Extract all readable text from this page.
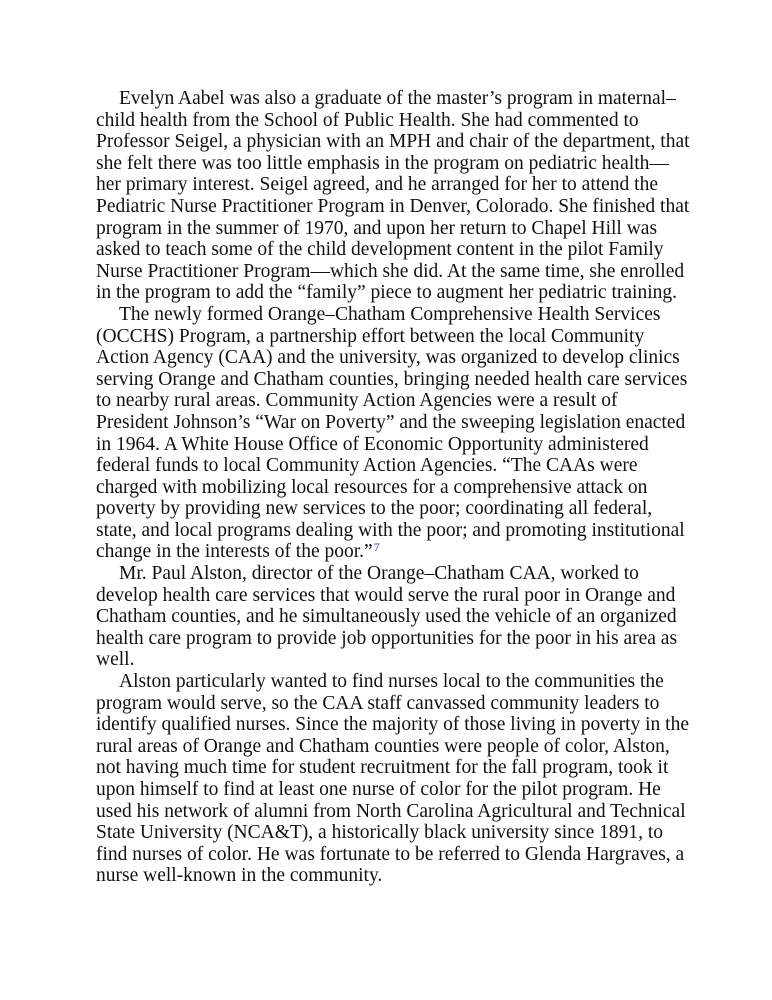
Evelyn Aabel was also a graduate of the master’s program in maternal–
child health from the School of Public Health. She had commented to
Professor Seigel, a physician with an MPH and chair of the department, that
she felt there was too little emphasis in the program on pediatric health—
her primary interest. Seigel agreed, and he arranged for her to attend the
Pediatric Nurse Practitioner Program in Denver, Colorado. She finished that
program in the summer of 1970, and upon her return to Chapel Hill was
asked to teach some of the child development content in the pilot Family
Nurse Practitioner Program—which she did. At the same time, she enrolled
in the program to add the “family” piece to augment her pediatric training.
The newly formed Orange–Chatham Comprehensive Health Services
(OCCHS) Program, a partnership effort between the local Community
Action Agency (CAA) and the university, was organized to develop clinics
serving Orange and Chatham counties, bringing needed health care services
to nearby rural areas. Community Action Agencies were a result of
President Johnson’s “War on Poverty” and the sweeping legislation enacted
in 1964. A White House Office of Economic Opportunity administered
federal funds to local Community Action Agencies. “The CAAs were
charged with mobilizing local resources for a comprehensive attack on
poverty by providing new services to the poor; coordinating all federal,
state, and local programs dealing with the poor; and promoting institutional
change in the interests of the poor.”$^7$
Mr. Paul Alston, director of the Orange–Chatham CAA, worked to
develop health care services that would serve the rural poor in Orange and
Chatham counties, and he simultaneously used the vehicle of an organized
health care program to provide job opportunities for the poor in his area as
well.
Alston particularly wanted to find nurses local to the communities the
program would serve, so the CAA staff canvassed community leaders to
identify qualified nurses. Since the majority of those living in poverty in the
rural areas of Orange and Chatham counties were people of color, Alston,
not having much time for student recruitment for the fall program, took it
upon himself to find at least one nurse of color for the pilot program. He
used his network of alumni from North Carolina Agricultural and Technical
State University (NCA&T), a historically black university since 1891, to
find nurses of color. He was fortunate to be referred to Glenda Hargraves, a
nurse well-known in the community.
